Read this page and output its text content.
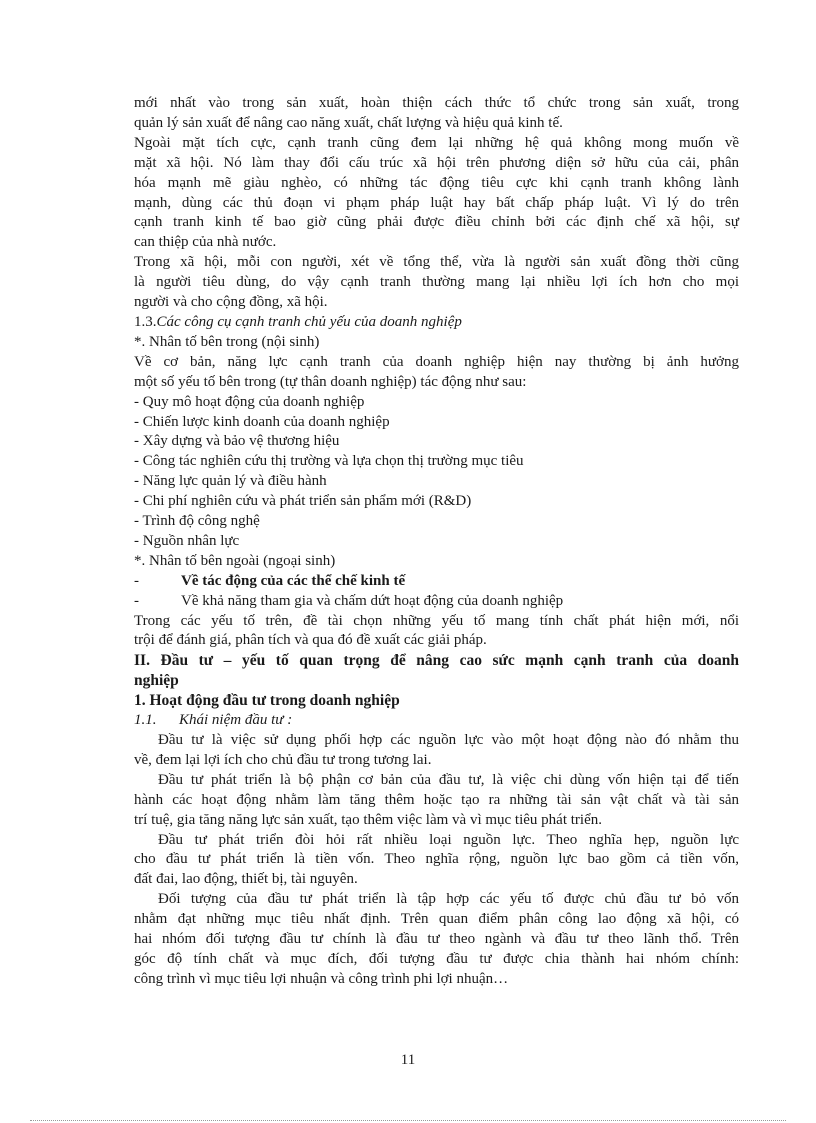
mới nhất vào trong sản xuất, hoàn thiện cách thức tổ chức trong sản xuất, trong

quản lý sản xuất để nâng cao năng xuất, chất lượng và hiệu quả kinh tế.

Ngoài mặt tích cực, cạnh tranh cũng đem lại những hệ quả không mong muốn về

mặt xã hội. Nó làm thay đổi cấu trúc xã hội trên phương diện sở hữu của cải, phân

hóa mạnh mẽ giàu nghèo, có những tác động tiêu cực khi cạnh tranh không lành

mạnh, dùng các thủ đoạn vi phạm pháp luật hay bất chấp pháp luật. Vì lý do trên

cạnh tranh kinh tế bao giờ cũng phải được điều chỉnh bởi các định chế xã hội, sự

can thiệp của nhà nước.

Trong xã hội, mỗi con người, xét về tổng thể, vừa là người sản xuất đồng thời cũng

là người tiêu dùng, do vậy cạnh tranh thường mang lại nhiều lợi ích hơn cho mọi

người và cho cộng đồng, xã hội.

1.3.Các công cụ cạnh tranh chủ yếu của doanh nghiệp

*. Nhân tố bên trong (nội sinh)

Về cơ bản, năng lực cạnh tranh của doanh nghiệp hiện nay thường bị ảnh hưởng

một số yếu tố bên trong (tự thân doanh nghiệp) tác động như sau:

- Quy mô hoạt động của doanh nghiệp

- Chiến lược kinh doanh của doanh nghiệp

- Xây dựng và bảo vệ thương hiệu

- Công tác nghiên cứu thị trường và lựa chọn thị trường mục tiêu

- Năng lực quản lý và điều hành

- Chi phí nghiên cứu và phát triển sản phẩm mới (R&D)

- Trình độ công nghệ

- Nguồn nhân lực

*. Nhân tố bên ngoài (ngoại sinh)

-	Về tác động của các thể chế kinh tế

-	Về khả năng tham gia và chấm dứt hoạt động của doanh nghiệp

Trong các yếu tố trên, đề tài chọn những yếu tố mang tính chất phát hiện mới, nổi

trội để đánh giá, phân tích và qua đó đề xuất các giải pháp.

II. Đầu tư – yếu tố quan trọng để nâng cao sức mạnh cạnh tranh của doanh

nghiệp

1. Hoạt động đầu tư trong doanh nghiệp

1.1. Khái niệm đầu tư :

Đầu tư là việc sử dụng phối hợp các nguồn lực vào một hoạt động nào đó nhằm thu

về, đem lại lợi ích cho chủ đầu tư trong tương lai.

Đầu tư phát triển là bộ phận cơ bản của đầu tư, là việc chi dùng vốn hiện tại để tiến

hành các hoạt động nhằm làm tăng thêm hoặc tạo ra những tài sản vật chất và tài sản

trí tuệ, gia tăng năng lực sản xuất, tạo thêm việc làm và vì mục tiêu phát triển.

Đầu tư phát triển đòi hỏi rất nhiều loại nguồn lực. Theo nghĩa hẹp, nguồn lực

cho đầu tư phát triển là tiền vốn. Theo nghĩa rộng, nguồn lực bao gồm cả tiền vốn,

đất đai, lao động, thiết bị, tài nguyên.

Đối tượng của đầu tư phát triển là tập hợp các yếu tố được chủ đầu tư bỏ vốn

nhằm đạt những mục tiêu nhất định. Trên quan điểm phân công lao động xã hội, có

hai nhóm đối tượng đầu tư chính là đầu tư theo ngành và đầu tư theo lãnh thổ. Trên

góc độ tính chất và mục đích, đối tượng đầu tư được chia thành hai nhóm chính:

công trình vì mục tiêu lợi nhuận và công trình phi lợi nhuận…

11
